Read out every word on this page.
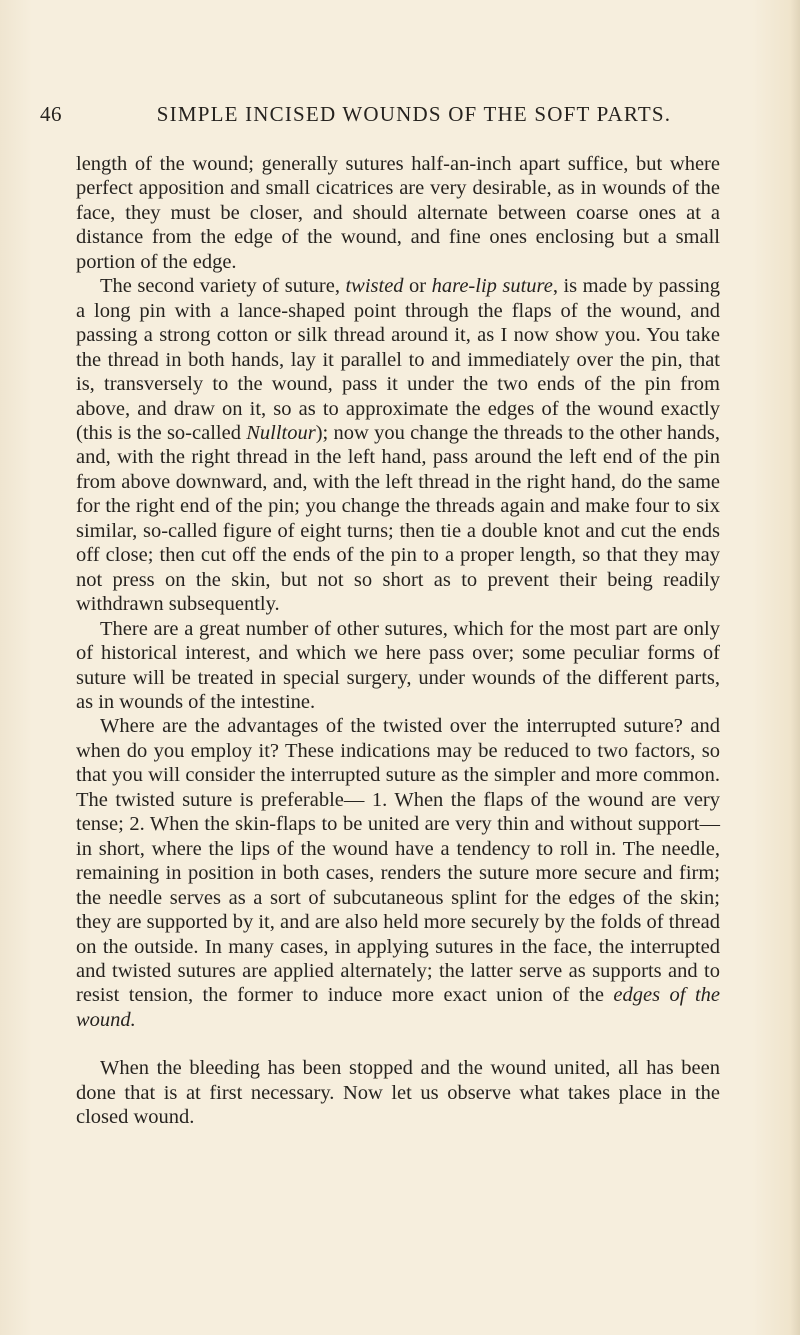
46	SIMPLE INCISED WOUNDS OF THE SOFT PARTS.

length of the wound; generally sutures half-an-inch apart suffice, but where perfect apposition and small cicatrices are very desirable, as in wounds of the face, they must be closer, and should alternate between coarse ones at a distance from the edge of the wound, and fine ones enclosing but a small portion of the edge.

The second variety of suture, twisted or hare-lip suture, is made by passing a long pin with a lance-shaped point through the flaps of the wound, and passing a strong cotton or silk thread around it, as I now show you. You take the thread in both hands, lay it parallel to and immediately over the pin, that is, transversely to the wound, pass it under the two ends of the pin from above, and draw on it, so as to approximate the edges of the wound exactly (this is the so-called Nulltour); now you change the threads to the other hands, and, with the right thread in the left hand, pass around the left end of the pin from above downward, and, with the left thread in the right hand, do the same for the right end of the pin; you change the threads again and make four to six similar, so-called figure of eight turns; then tie a double knot and cut the ends off close; then cut off the ends of the pin to a proper length, so that they may not press on the skin, but not so short as to prevent their being readily withdrawn subsequently.

There are a great number of other sutures, which for the most part are only of historical interest, and which we here pass over; some peculiar forms of suture will be treated in special surgery, under wounds of the different parts, as in wounds of the intestine.

Where are the advantages of the twisted over the interrupted suture? and when do you employ it? These indications may be reduced to two factors, so that you will consider the interrupted suture as the simpler and more common. The twisted suture is preferable— 1. When the flaps of the wound are very tense; 2. When the skin-flaps to be united are very thin and without support—in short, where the lips of the wound have a tendency to roll in. The needle, remaining in position in both cases, renders the suture more secure and firm; the needle serves as a sort of subcutaneous splint for the edges of the skin; they are supported by it, and are also held more securely by the folds of thread on the outside. In many cases, in applying sutures in the face, the interrupted and twisted sutures are applied alternately; the latter serve as supports and to resist tension, the former to induce more exact union of the edges of the wound.

When the bleeding has been stopped and the wound united, all has been done that is at first necessary. Now let us observe what takes place in the closed wound.
